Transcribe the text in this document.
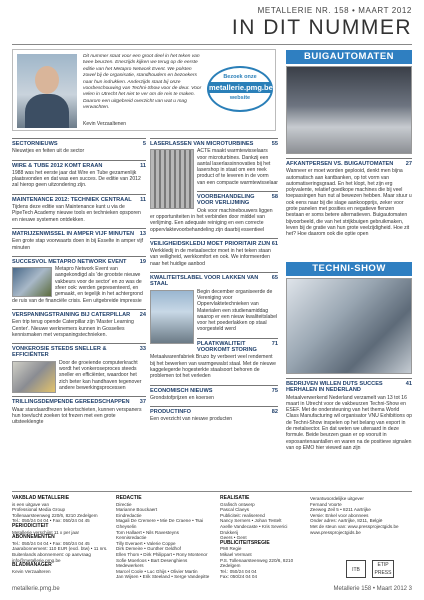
METALLERIE NR. 158 • MAART 2012
IN DIT NUMMER
Dit nummer staat voor een groot deel in het teken van twee beurzen. Enerzijds kijken we terug op de eerste editie van het Metapro Network Event. We polsten zowel bij de organisatie, standhouders en bezoekers naar hun indrukken. Anderzijds staat bij onze voorbeschouwing van Techni-Show voor de deur. Voor velen in Utrecht het niet te ver om de reis te maken. Daarom een uitgebreid overzicht van wat u mag verwachten.
Kevin Verzaaltenen
Bezoek onze
metallerie.pmg.be
website
SECTORNIEUWS	5
Nieuwtjes en feiten uit de sector
WIRE & TUBE 2012 KOMT ERAAN	11
1988 was het eerste jaar dat Wire en Tube gezamenlijk plaatsvonden en dat was een succes. De editie van 2012 zal hierop geen uitzondering zijn.
MAINTENANCE 2012: TECHNIEK CENTRAAL 11
Tijdens deze editie van Maintenance kunt u via de PipeTech Academy nieuwe tools en technieken opsporen en nieuwe systemen ontdekken.
MATRIJZENWISSEL IN AMPER VIJF MINUTEN 13
Een grote stap voorwaarts doen in bij Esselte in amper vijf minuten
SUCCESVOL METAPRO NETWORK EVENT 19
Metapro Network Event van aangekondigd als 'de grootste nieuwe vakbeurs voor de sector' en zo was de sfeer ook: werden gepresenteerd, en gemaakt, en tegelijk in het achtergrond de ruis van de financiële crisis. Een uitgebreide impressie
VERSPANINGSTRAINING BIJ CATERPILLAR 24
Een trip terug opende Caterpillar zijn 'Master Learning Center'. Nieuwe werknemers kunnen in Gosselies kennismaken met verspaningstechnieken.
VONKEROSIE STEEDS SNELLER & EFFICIËNTER
33
Door de groeiende computerkracht wordt het vonkeroseproces steeds sneller en efficiënter, waardoor het zich beter kan handhaven tegenover andere bewerkingsprocessen
TRILLINGSDEMPENDE GEREEDSCHAPPEN 37
Waar standaardfrezen tekortschieten, kunnen verspaners hun toevlucht zoeken tot frezen met een grote uitsteeklengte
LASERLASSEN VAN MICROTURBINES	55
ACTE maakt warmtewisselaars voor microturbines. Dankzij een aantal laserlassinnovaties bij het lasershop in staat om een reek product of te leveren in de vorm van een compacte warmtewisselaar
VOORBEHANDELING VOOR VERLIJMING
58
Ook voor machinebouwers liggen er opportuniteiten in het verbinden door middel van verlijming. Een adequate reiniging en een correcte oppervlaktevoorbehandeling zijn daarbij essentieel
VEILIGHEIDSKLEDIJ MOET PRIORITAIR ZIJN 61
Werkkledij in de metaalsector moet in het teken staan van veiligheid, werkkomfort en ook. We informeerden naar het huidige aanbod
KWALITEITSLABEL VOOR LAKKEN VAN STAAL
65
Begin december organiseerde de Vereniging voor Oppervlaktetechnieken van Materialen een studienamiddag waarop er een nieuw kwaliteitslabel voor het poederlakken op staal voorgesteld werd
PLAATKWALITEIT VOORKOMT STORING
71
Metaalwarenfabriek Bruzo by verbeert veel rendement bij het bewerken van warmgewalst staal. Met de nieuwe kaggelegerde hogesterkte staalsoort behoren de problemen tot het verleden
ECONOMISCH NIEUWS	75
Grondstofprijzen en koersen
PRODUCTINFO	82
Een overzicht van nieuwe producten
BUIGAUTOMATEN
AFKANTPERSEN VS. BUIGAUTOMATEN 27
Wanneer er moet worden geplooid, denkt men bijna automatisch aan kantbanken, op tot vorm van automatiseringsgraad. En het klopt, het zijn erg polyvalente, relatief goedkope machines die bij veel toepassingen hun nut al bewezen hebben. Maar stuur u ook eens naar bij die slage aankoopprijs, zeker voor grote panelen met posities en negatieve flenzen bestaan er soms betere alternatieven. Buigautomaten bijvoorbeeld, die van het strijkbuigen gebruikmaken, leven bij de gratie van hun grote veelzijdigheid. Hoe zit het? Hoe daarom ook die optie open
TECHNI-SHOW
BEDRIJVEN WILLEN DUTS SUCCES HERHALEN IN NEDERLAND
41
Metaalverwerkend Nederland verzamelt van 13 tot 16 maart in Utrecht voor de vakbeurzen Techni-Show en ESEF. Met de ondersteuning van het thema World Class Manufacturing wil organisator VNU Exhibitions op de Techni-Show inspelen op het belang van export in de metalsector. En dat weten we uiteraard in deze formule. Beide beurzen gaan er op vooruit in exposantenaantallen en waren na de positieve signalen van op EMO hier viewed aan zijn
VAKBLAD METALLERIE
is een uitgave van
Professional Media Group
Tollenaarsteenweg 220/6, 8210 Zedelgem
Tel.: 050/24 04 04 • Fax: 050/24 04 45
PERIODICITEIT
Metallerie verschijnt 11 x per jaar
ABONNEMENTEN
Tel.: 050/24 04 04 • Fax: 050/24 04 45
Jaarabonnement: 110 EUR (excl. btw) • 11 nrs.
Buitenlands abonnement: op aanvraag
info@metallerie.pmg.be
BLADMANAGER
Kevin Verzaalteren
REDACTIE
Directie
Marianne Bouckaert
Eindredactie
Magali De Cremere • Mie De Craene • Tsai Gheyselin
Tom Hallaert • Nils Ravesteyns
Kennisredactie
Tilly Everaert • Valerie Coppe
Dirk Demeire • Gunther Geldhof
Ellen Thom • Dirk Philippart • Rony Montenor
Sofie Moerloos • Bart Desenghiens
Medewerkers
Marcel Coole • Luc Ghijs • Olivier Martin
Jan Wijsen • Erik Steeland • Serge Vandepitte
REALISATIE
Grafisch ontwerp
Pascal Claeys
Publiciteit: realiserend
Nancy Serners • Johan Testelt
Axelle Vandecaste • Kris Severici
Drukkerij
Geers • Gent
PUBLICITEITSREGIE
PMI Regie
Mikael Vermant
P.S. Tollenaarsteenweg 220/6, 8210 Zedelgem
Tel.: 050/24 04 04
Fax: 050/24 04 04
Verantwoordelijke uitgever
Fernand Voorte
Zeeweg Zeil 5 • 8211 Aartrijke
Versie: Enkel voor abonnees
Onder adres: Aartrijke, 8211, België
Met de steun van: www.pressprojectgids.be
www.pressprojectgids.be
ITB
ETIP PRESS
metallerie.pmg.be	Metallerie 158 • Maart 2012 3
